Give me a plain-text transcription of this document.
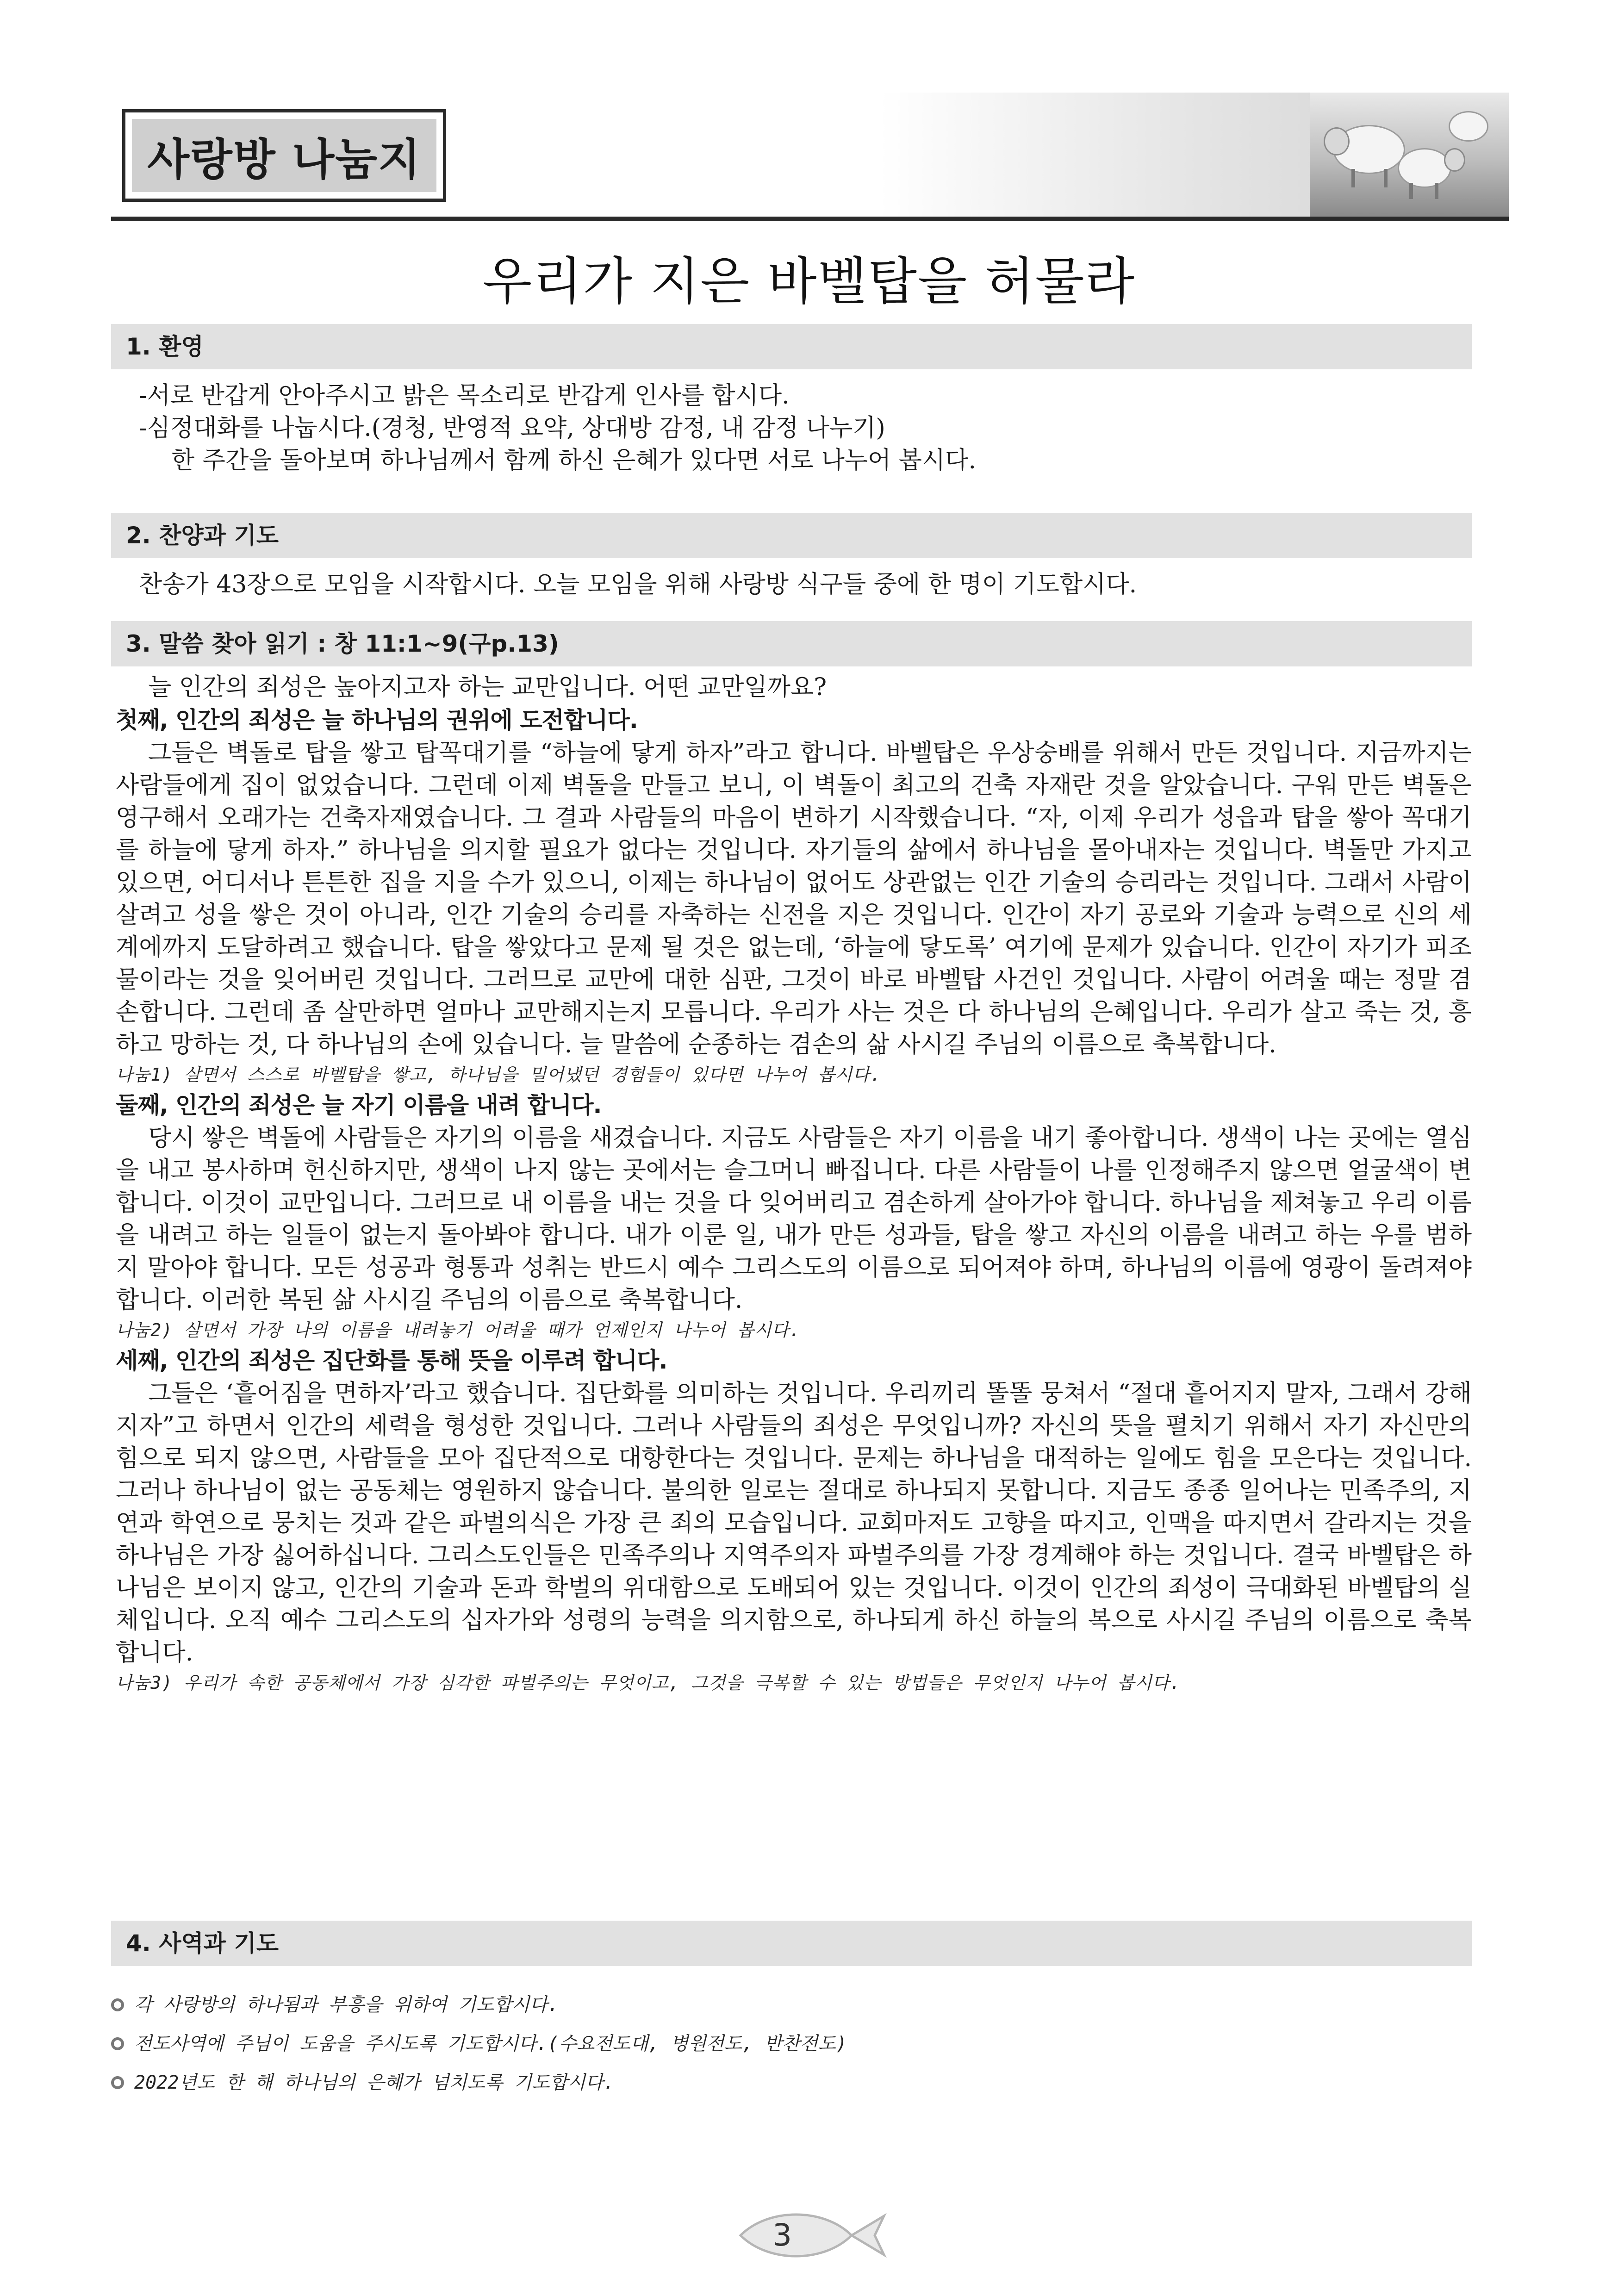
사랑방 나눔지
우리가 지은 바벨탑을 허물라
1. 환영
-서로 반갑게 안아주시고 밝은 목소리로 반갑게 인사를 합시다.
-심정대화를 나눕시다.(경청, 반영적 요약, 상대방 감정, 내 감정 나누기)
한 주간을 돌아보며 하나님께서 함께 하신 은혜가 있다면 서로 나누어 봅시다.
2. 찬양과 기도
찬송가 43장으로 모임을 시작합시다. 오늘 모임을 위해 사랑방 식구들 중에 한 명이 기도합시다.
3. 말씀 찾아 읽기 : 창 11:1~9(구p.13)
늘 인간의 죄성은 높아지고자 하는 교만입니다. 어떤 교만일까요?
첫째, 인간의 죄성은 늘 하나님의 권위에 도전합니다.

그들은 벽돌로 탑을 쌓고 탑꼭대기를 “하늘에 닿게 하자”라고 합니다. 바벨탑은 우상숭배를 위해서 만든 것입니다. 지금까지는 사람들에게 집이 없었습니다. 그런데 이제 벽돌을 만들고 보니, 이 벽돌이 최고의 건축 자재란 것을 알았습니다. 구워 만든 벽돌은 영구해서 오래가는 건축자재였습니다. 그 결과 사람들의 마음이 변하기 시작했습니다. “자, 이제 우리가 성읍과 탑을 쌓아 꼭대기를 하늘에 닿게 하자.” 하나님을 의지할 필요가 없다는 것입니다. 자기들의 삶에서 하나님을 몰아내자는 것입니다. 벽돌만 가지고 있으면, 어디서나 튼튼한 집을 지을 수가 있으니, 이제는 하나님이 없어도 상관없는 인간 기술의 승리라는 것입니다. 그래서 사람이 살려고 성을 쌓은 것이 아니라, 인간 기술의 승리를 자축하는 신전을 지은 것입니다. 인간이 자기 공로와 기술과 능력으로 신의 세계에까지 도달하려고 했습니다. 탑을 쌓았다고 문제 될 것은 없는데, ‘하늘에 닿도록’ 여기에 문제가 있습니다. 인간이 자기가 피조물이라는 것을 잊어버린 것입니다. 그러므로 교만에 대한 심판, 그것이 바로 바벨탑 사건인 것입니다. 사람이 어려울 때는 정말 겸손합니다. 그런데 좀 살만하면 얼마나 교만해지는지 모릅니다. 우리가 사는 것은 다 하나님의 은혜입니다. 우리가 살고 죽는 것, 흥하고 망하는 것, 다 하나님의 손에 있습니다. 늘 말씀에 순종하는 겸손의 삶 사시길 주님의 이름으로 축복합니다.

나눔1) 살면서 스스로 바벨탑을 쌓고, 하나님을 밀어냈던 경험들이 있다면 나누어 봅시다.
둘째, 인간의 죄성은 늘 자기 이름을 내려 합니다.

당시 쌓은 벽돌에 사람들은 자기의 이름을 새겼습니다. 지금도 사람들은 자기 이름을 내기 좋아합니다. 생색이 나는 곳에는 열심을 내고 봉사하며 헌신하지만, 생색이 나지 않는 곳에서는 슬그머니 빠집니다. 다른 사람들이 나를 인정해주지 않으면 얼굴색이 변합니다. 이것이 교만입니다. 그러므로 내 이름을 내는 것을 다 잊어버리고 겸손하게 살아가야 합니다. 하나님을 제쳐놓고 우리 이름을 내려고 하는 일들이 없는지 돌아봐야 합니다. 내가 이룬 일, 내가 만든 성과들, 탑을 쌓고 자신의 이름을 내려고 하는 우를 범하지 말아야 합니다. 모든 성공과 형통과 성취는 반드시 예수 그리스도의 이름으로 되어져야 하며, 하나님의 이름에 영광이 돌려져야 합니다. 이러한 복된 삶 사시길 주님의 이름으로 축복합니다.

나눔2) 살면서 가장 나의 이름을 내려놓기 어려울 때가 언제인지 나누어 봅시다.
세째, 인간의 죄성은 집단화를 통해 뜻을 이루려 합니다.

그들은 ‘흩어짐을 면하자’라고 했습니다. 집단화를 의미하는 것입니다. 우리끼리 똘똘 뭉쳐서 “절대 흩어지지 말자, 그래서 강해지자”고 하면서 인간의 세력을 형성한 것입니다. 그러나 사람들의 죄성은 무엇입니까? 자신의 뜻을 펼치기 위해서 자기 자신만의 힘으로 되지 않으면, 사람들을 모아 집단적으로 대항한다는 것입니다. 문제는 하나님을 대적하는 일에도 힘을 모은다는 것입니다. 그러나 하나님이 없는 공동체는 영원하지 않습니다. 불의한 일로는 절대로 하나되지 못합니다. 지금도 종종 일어나는 민족주의, 지연과 학연으로 뭉치는 것과 같은 파벌의식은 가장 큰 죄의 모습입니다. 교회마저도 고향을 따지고, 인맥을 따지면서 갈라지는 것을 하나님은 가장 싫어하십니다. 그리스도인들은 민족주의나 지역주의자 파벌주의를 가장 경계해야 하는 것입니다. 결국 바벨탑은 하나님은 보이지 않고, 인간의 기술과 돈과 학벌의 위대함으로 도배되어 있는 것입니다. 이것이 인간의 죄성이 극대화된 바벨탑의 실체입니다. 오직 예수 그리스도의 십자가와 성령의 능력을 의지함으로, 하나되게 하신 하늘의 복으로 사시길 주님의 이름으로 축복합니다.

나눔3) 우리가 속한 공동체에서 가장 심각한 파벌주의는 무엇이고, 그것을 극복할 수 있는 방법들은 무엇인지 나누어 봅시다.
4. 사역과 기도
각 사랑방의 하나됨과 부흥을 위하여 기도합시다.
전도사역에 주님이 도움을 주시도록 기도합시다.(수요전도대, 병원전도, 반찬전도)
2022년도 한 해 하나님의 은혜가 넘치도록 기도합시다.
3
